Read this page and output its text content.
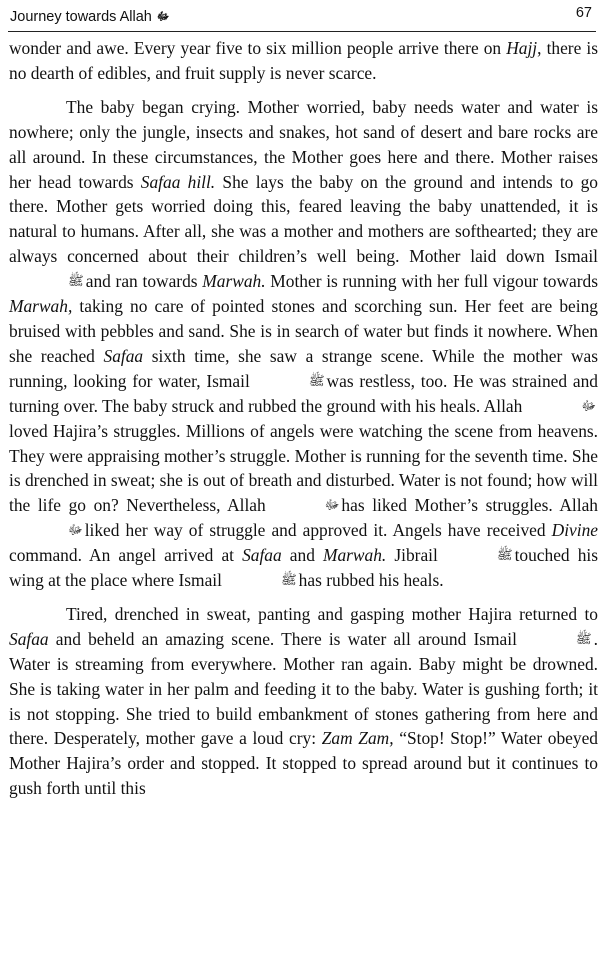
Journey towards Allah ﷻ	67

wonder and awe. Every year five to six million people arrive there on Hajj, there is no dearth of edibles, and fruit supply is never scarce.

The baby began crying. Mother worried, baby needs water and water is nowhere; only the jungle, insects and snakes, hot sand of desert and bare rocks are all around. In these circumstances, the Mother goes here and there. Mother raises her head towards Safaa hill. She lays the baby on the ground and intends to go there. Mother gets worried doing this, feared leaving the baby unattended, it is natural to humans. After all, she was a mother and mothers are softhearted; they are always concerned about their children’s well being. Mother laid down Ismailﷺ and ran towards Marwah. Mother is running with her full vigour towards Marwah, taking no care of pointed stones and scorching sun. Her feet are being bruised with pebbles and sand. She is in search of water but finds it nowhere. When she reached Safaa sixth time, she saw a strange scene. While the mother was running, looking for water, Ismail	ﷺ was restless, too. He was strained and turning over. The baby struck and rubbed the ground with his heals. Allah	ﷻloved Hajira’s struggles. Millions of angels were watching the scene from heavens. They were appraising mother’s struggle. Mother is running for the seventh time. She is drenched in sweat; she is out of breath and disturbed. Water is not found; how will the life go on? Nevertheless, Allah	ﷻ has liked Mother’s struggles. Allahﷻ liked her way of struggle and approved it. Angels have received Divine command. An angel arrived at Safaa and Marwah. Jibrail	ﷺ touched his wing at the place where Ismail	ﷺ has rubbed his heals.

Tired, drenched in sweat, panting and gasping mother Hajira returned to Safaa and beheld an amazing scene. There is water all around Ismail	ﷺ . Water is streaming from everywhere. Mother ran again. Baby might be drowned. She is taking water in her palm and feeding it to the baby. Water is gushing forth; it is not stopping. She tried to build embankment of stones gathering from here and there. Desperately, mother gave a loud cry: Zam Zam, “Stop! Stop!” Water obeyed Mother Hajira’s order and stopped. It stopped to spread around but it continues to gush forth until this
